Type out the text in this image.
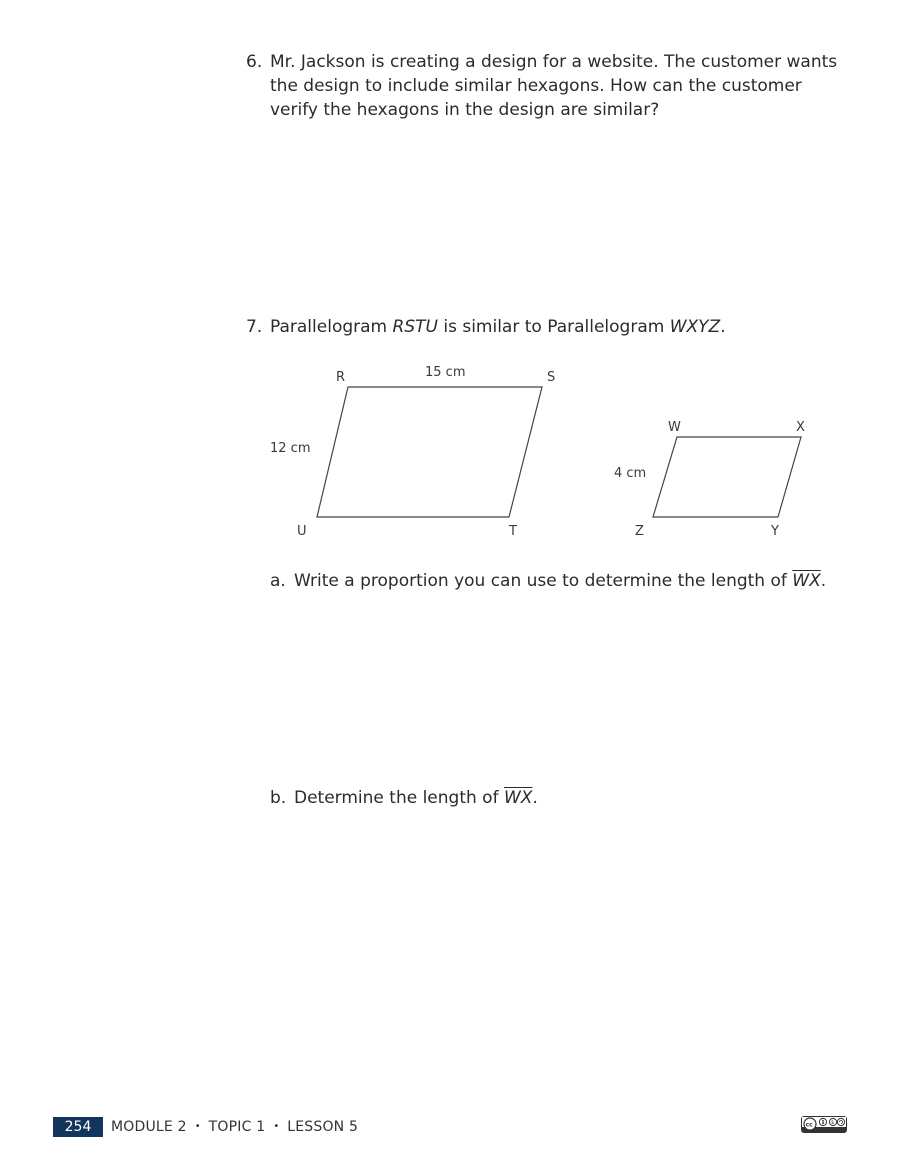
6. Mr. Jackson is creating a design for a website. The customer wants the design to include similar hexagons. How can the customer verify the hexagons in the design are similar?
7. Parallelogram RSTU is similar to Parallelogram WXYZ.
R	S
T
U
15 cm
12 cm
W	X
Y
Z
4 cm
a. Write a proportion you can use to determine the length of $\overline{WX}$.
b. Determine the length of $\overline{WX}$.
254	MODULE 2 • TOPIC 1 • LESSON 5	cc	$
